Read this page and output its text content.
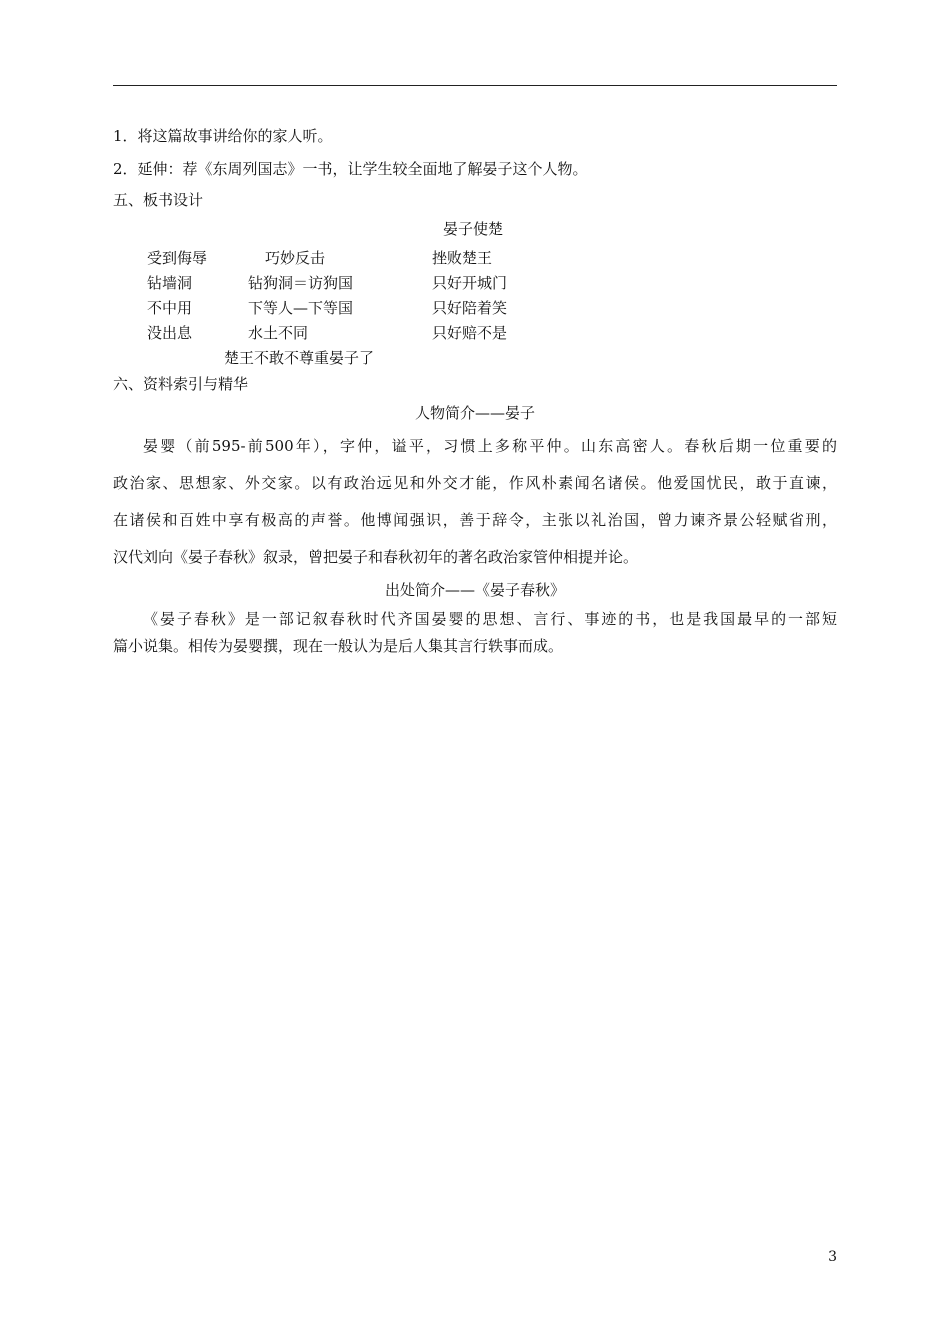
1．将这篇故事讲给你的家人听。
2．延伸：荐《东周列国志》一书，让学生较全面地了解晏子这个人物。
五、板书设计
晏子使楚
受到侮辱	巧妙反击	挫败楚王
钻墙洞	钻狗洞＝访狗国	只好开城门
不中用	下等人—下等国	只好陪着笑
没出息	水土不同	只好赔不是
楚王不敢不尊重晏子了
六、资料索引与精华
人物简介——晏子
晏婴（前595-前500年），字仲，谥平，习惯上多称平仲。山东高密人。春秋后期一位重要的
政治家、思想家、外交家。以有政治远见和外交才能，作风朴素闻名诸侯。他爱国忧民，敢于直谏，
在诸侯和百姓中享有极高的声誉。他博闻强识，善于辞令，主张以礼治国，曾力谏齐景公轻赋省刑，
汉代刘向《晏子春秋》叙录，曾把晏子和春秋初年的著名政治家管仲相提并论。
出处简介——《晏子春秋》
《晏子春秋》是一部记叙春秋时代齐国晏婴的思想、言行、事迹的书，也是我国最早的一部短
篇小说集。相传为晏婴撰，现在一般认为是后人集其言行轶事而成。
3
